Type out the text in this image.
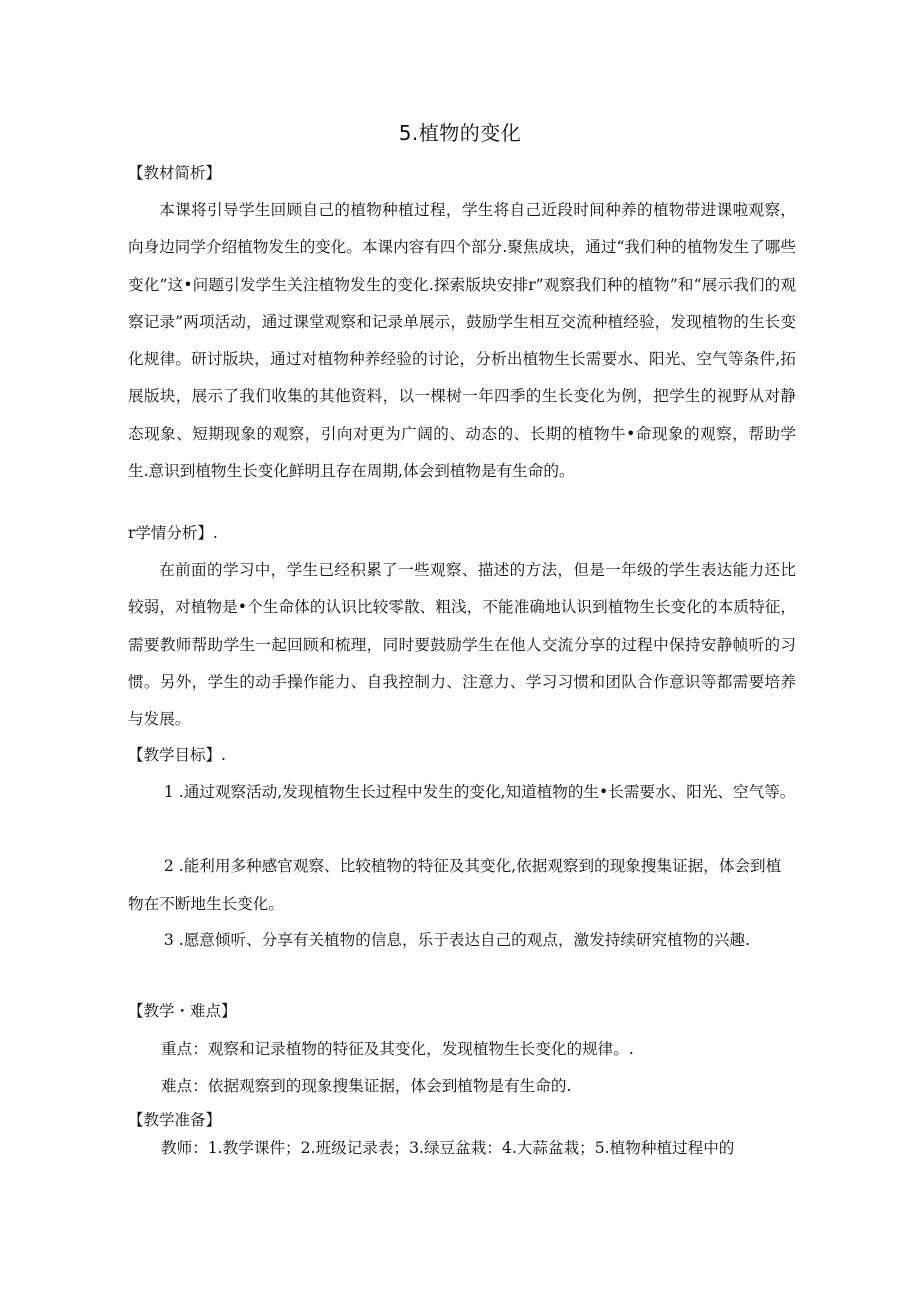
5.植物的变化
【教材简析】

本课将引导学生回顾自己的植物种植过程，学生将自己近段时间种养的植物带进课啦观察，向身边同学介绍植物发生的变化。本课内容有四个部分.聚焦成块，通过“我们种的植物发生了哪些变化”这•问题引发学生关注植物发生的变化.探索版块安排r”观察我们种的植物”和“展示我们的观察记录”两项活动，通过课堂观察和记录单展示，鼓励学生相互交流种植经验，发现植物的生长变化规律。研讨版块，通过对植物种养经验的讨论，分析出植物生长需要水、阳光、空气等条件,拓展版块，展示了我们收集的其他资料，以一棵树一年四季的生长变化为例，把学生的视野从对静态现象、短期现象的观察，引向对更为广阔的、动态的、长期的植物牛•命现象的观察，帮助学生.意识到植物生长变化鲜明且存在周期,体会到植物是有生命的。

r学情分析】.

在前面的学习中，学生已经积累了一些观察、描述的方法，但是一年级的学生表达能力还比较弱，对植物是•个生命体的认识比较零散、粗浅，不能准确地认识到植物生长变化的本质特征，需要教师帮助学生一起回顾和梳理，同时要鼓励学生在他人交流分享的过程中保持安静帧听的习惯。另外，学生的动手操作能力、自我控制力、注意力、学习习惯和团队合作意识等都需要培养与发展。

【教学目标】.

1 .通过观察活动,发现植物生长过程中发生的变化,知道植物的生•长需要水、阳光、空气等。

2 .能利用多种感官观察、比较植物的特征及其变化,依据观察到的现象搜集证据，体会到植物在不断地生长变化。

3 .愿意倾听、分享有关植物的信息，乐于表达自己的观点，激发持续研究植物的兴趣.

【教学・难点】
重点：观察和记录植物的特征及其变化，发现植物生长变化的规律。.
难点：依据观察到的现象搜集证据，体会到植物是有生命的.
【教学准备】
教师：1.教学课件；2.班级记录表；3.绿豆盆栽：4.大蒜盆栽；5.植物种植过程中的
